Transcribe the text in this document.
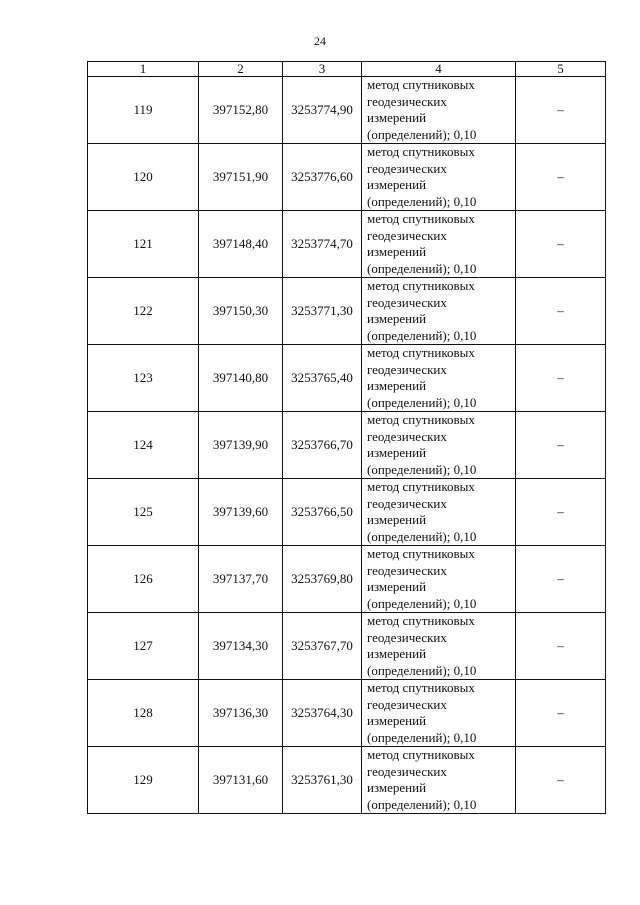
24
1	2	3	4	5
119	397152,80	3253774,90	метод спутниковых
геодезических
измерений
(определений); 0,10	–
120	397151,90	3253776,60	метод спутниковых
геодезических
измерений
(определений); 0,10	–
121	397148,40	3253774,70	метод спутниковых
геодезических
измерений
(определений); 0,10	–
122	397150,30	3253771,30	метод спутниковых
геодезических
измерений
(определений); 0,10	–
123	397140,80	3253765,40	метод спутниковых
геодезических
измерений
(определений); 0,10	–
124	397139,90	3253766,70	метод спутниковых
геодезических
измерений
(определений); 0,10	–
125	397139,60	3253766,50	метод спутниковых
геодезических
измерений
(определений); 0,10	–
126	397137,70	3253769,80	метод спутниковых
геодезических
измерений
(определений); 0,10	–
127	397134,30	3253767,70	метод спутниковых
геодезических
измерений
(определений); 0,10	–
128	397136,30	3253764,30	метод спутниковых
геодезических
измерений
(определений); 0,10	–
129	397131,60	3253761,30	метод спутниковых
геодезических
измерений
(определений); 0,10	–
